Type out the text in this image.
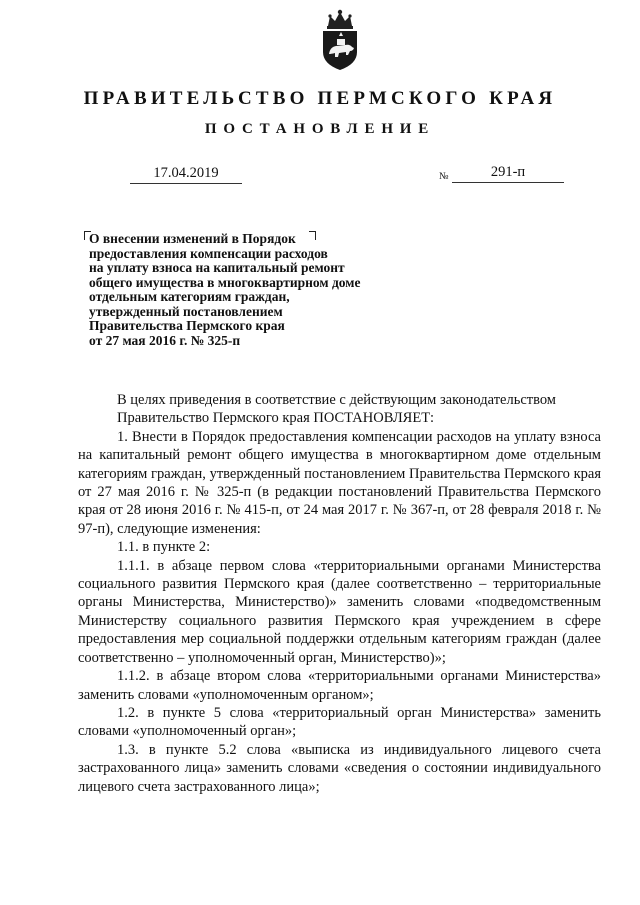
ПРАВИТЕЛЬСТВО ПЕРМСКОГО КРАЯ
ПОСТАНОВЛЕНИЕ
17.04.2019	№	291-п
О внесении изменений в Порядок
предоставления компенсации расходов
на уплату взноса на капитальный ремонт
общего имущества в многоквартирном доме
отдельным категориям граждан,
утвержденный постановлением
Правительства Пермского края
от 27 мая 2016 г. № 325-п
В целях приведения в соответствие с действующим законодательством
Правительство Пермского края ПОСТАНОВЛЯЕТ:
1. Внести в Порядок предоставления компенсации расходов на уплату взноса на капитальный ремонт общего имущества в многоквартирном доме отдельным категориям граждан, утвержденный постановлением Правительства Пермского края от 27 мая 2016 г. № 325-п (в редакции постановлений Правительства Пермского края от 28 июня 2016 г. № 415-п, от 24 мая 2017 г. № 367-п, от 28 февраля 2018 г. № 97-п), следующие изменения:
1.1. в пункте 2:
1.1.1. в абзаце первом слова «территориальными органами Министерства социального развития Пермского края (далее соответственно – территориальные органы Министерства, Министерство)» заменить словами «подведомственным Министерству социального развития Пермского края учреждением в сфере предоставления мер социальной поддержки отдельным категориям граждан (далее соответственно – уполномоченный орган, Министерство)»;
1.1.2. в абзаце втором слова «территориальными органами Министерства» заменить словами «уполномоченным органом»;
1.2. в пункте 5 слова «территориальный орган Министерства» заменить словами «уполномоченный орган»;
1.3. в пункте 5.2 слова «выписка из индивидуального лицевого счета застрахованного лица» заменить словами «сведения о состоянии индивидуального лицевого счета застрахованного лица»;
